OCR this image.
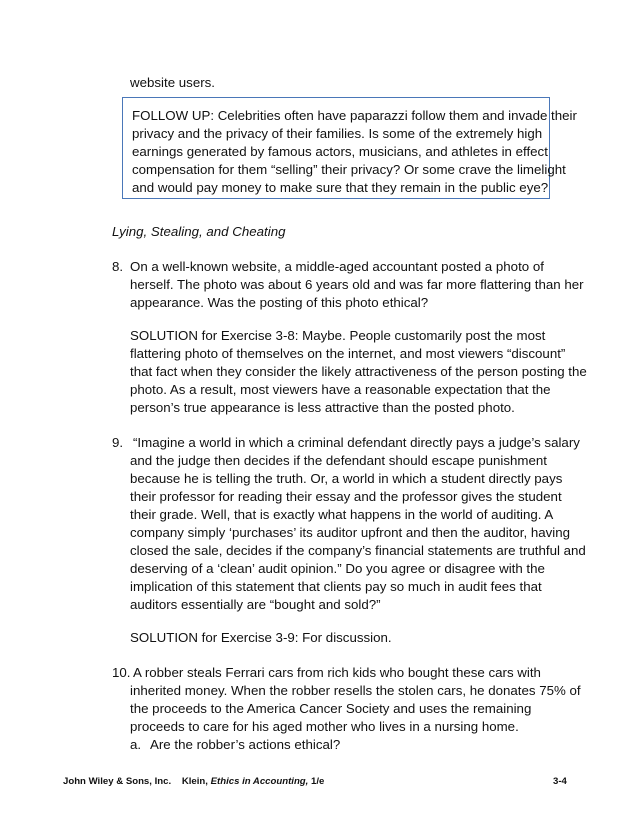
website users.
FOLLOW UP: Celebrities often have paparazzi follow them and invade their
privacy and the privacy of their families. Is some of the extremely high
earnings generated by famous actors, musicians, and athletes in effect
compensation for them “selling” their privacy? Or some crave the limelight
and would pay money to make sure that they remain in the public eye?
Lying, Stealing, and Cheating
8. On a well-known website, a middle-aged accountant posted a photo of
herself. The photo was about 6 years old and was far more flattering than her
appearance. Was the posting of this photo ethical?
SOLUTION for Exercise 3-8: Maybe. People customarily post the most
flattering photo of themselves on the internet, and most viewers “discount”
that fact when they consider the likely attractiveness of the person posting the
photo. As a result, most viewers have a reasonable expectation that the
person’s true appearance is less attractive than the posted photo.
9. “Imagine a world in which a criminal defendant directly pays a judge’s salary
and the judge then decides if the defendant should escape punishment
because he is telling the truth. Or, a world in which a student directly pays
their professor for reading their essay and the professor gives the student
their grade. Well, that is exactly what happens in the world of auditing. A
company simply ‘purchases’ its auditor upfront and then the auditor, having
closed the sale, decides if the company’s financial statements are truthful and
deserving of a ‘clean’ audit opinion.” Do you agree or disagree with the
implication of this statement that clients pay so much in audit fees that
auditors essentially are “bought and sold?”
SOLUTION for Exercise 3-9: For discussion.
10. A robber steals Ferrari cars from rich kids who bought these cars with
inherited money. When the robber resells the stolen cars, he donates 75% of
the proceeds to the America Cancer Society and uses the remaining
proceeds to care for his aged mother who lives in a nursing home.
a. Are the robber’s actions ethical?
John Wiley & Sons, Inc. Klein, Ethics in Accounting, 1/e	3-4
